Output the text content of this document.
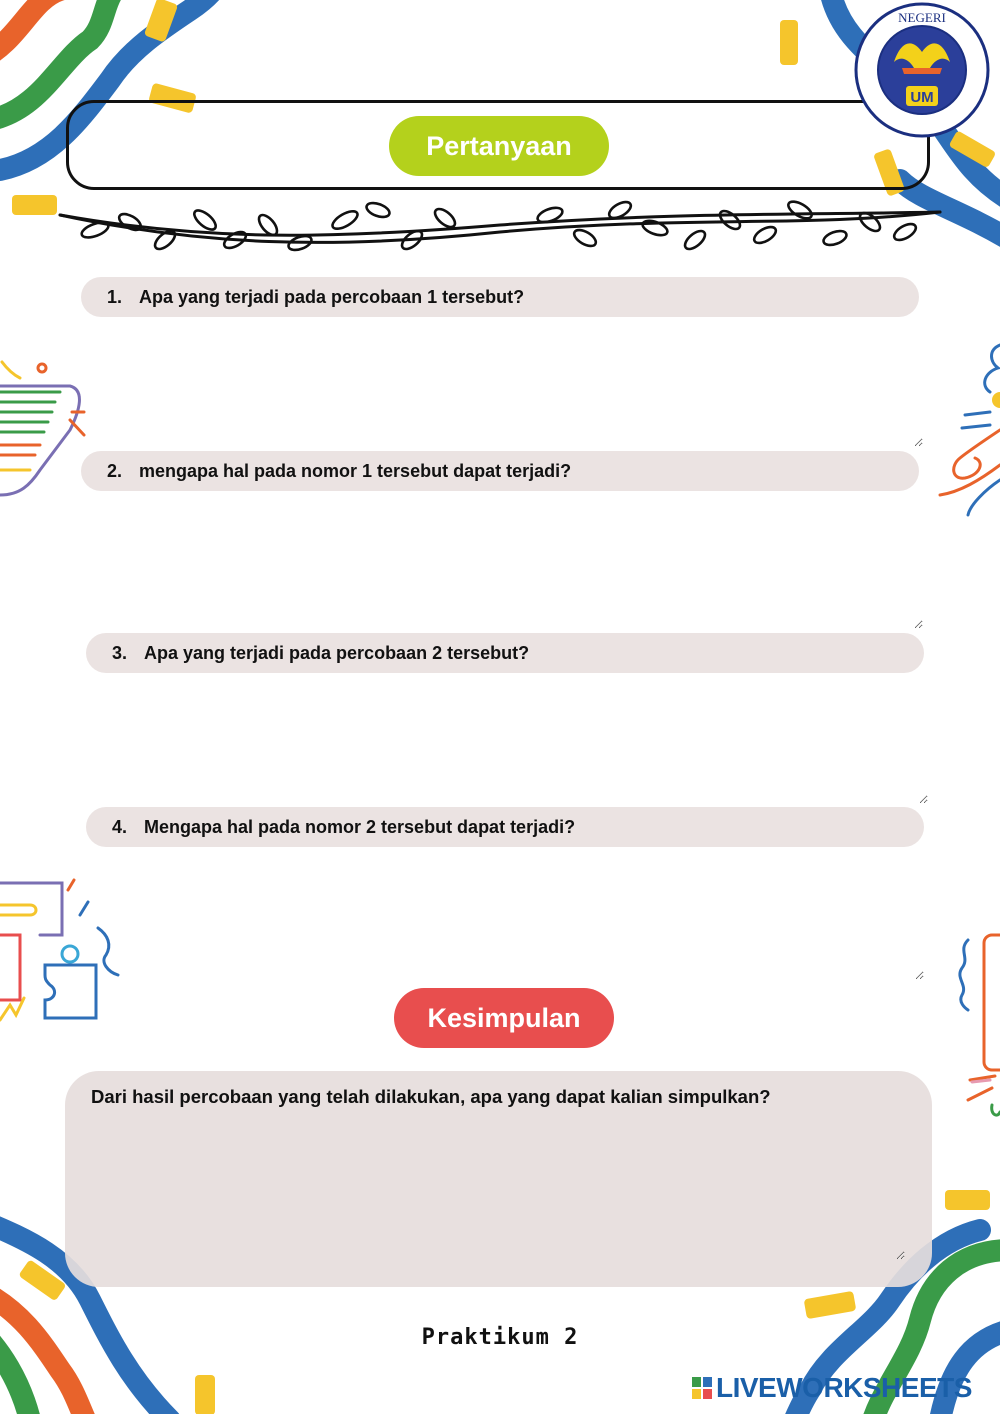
Pertanyaan
UM
NEGERI
1. Apa yang terjadi pada percobaan 1 tersebut?
2. mengapa hal pada nomor 1 tersebut dapat terjadi?
3. Apa yang terjadi pada percobaan 2 tersebut?
4. Mengapa hal pada nomor 2 tersebut dapat terjadi?
Kesimpulan
Dari hasil percobaan yang telah dilakukan, apa yang dapat kalian simpulkan?
Praktikum 2
LIVEWORKSHEETS
